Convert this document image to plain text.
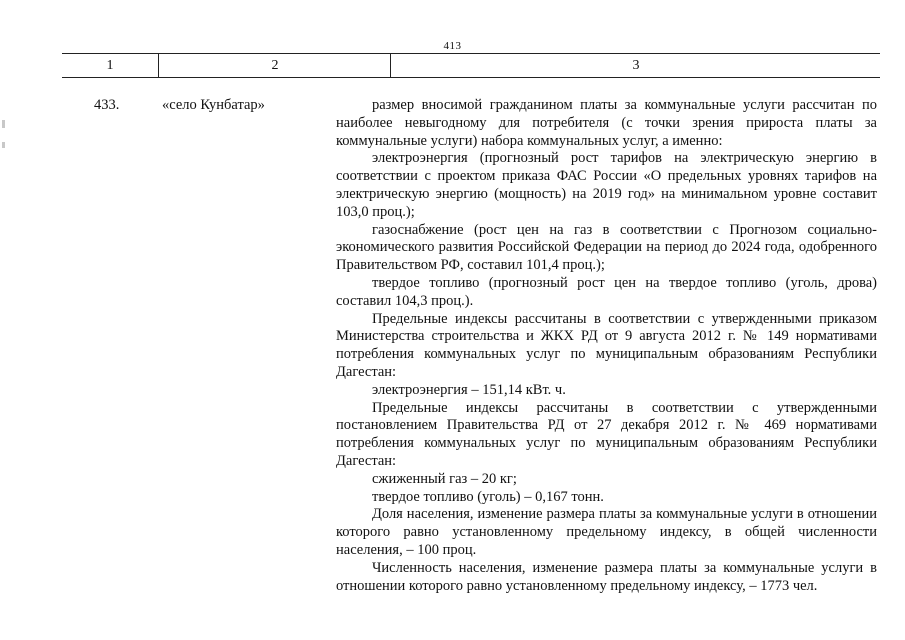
413
1	2	3
433.	«село Кунбатар»	размер вносимой гражданином платы за коммунальные услуги рассчитан по наиболее невыгодному для потребителя (с точки зрения прироста платы за коммунальные услуги) набора коммунальных услуг, а именно:

электроэнергия (прогнозный рост тарифов на электрическую энергию в соответствии с проектом приказа ФАС России «О предельных уровнях тарифов на электрическую энергию (мощность) на 2019 год» на минимальном уровне составит 103,0 проц.);

газоснабжение (рост цен на газ в соответствии с Прогнозом социально-экономического развития Российской Федерации на период до 2024 года, одобренного Правительством РФ, составил 101,4 проц.);

твердое топливо (прогнозный рост цен на твердое топливо (уголь, дрова) составил 104,3 проц.).

Предельные индексы рассчитаны в соответствии с утвержденными приказом Министерства строительства и ЖКХ РД от 9 августа 2012 г. № 149 нормативами потребления коммунальных услуг по муниципальным образованиям Республики Дагестан:

электроэнергия – 151,14 кВт. ч.

Предельные индексы рассчитаны в соответствии с утвержденными постановлением Правительства РД от 27 декабря 2012 г. № 469 нормативами потребления коммунальных услуг по муниципальным образованиям Республики Дагестан:

сжиженный газ – 20 кг;

твердое топливо (уголь) – 0,167 тонн.

Доля населения, изменение размера платы за коммунальные услуги в отношении которого равно установленному предельному индексу, в общей численности населения, – 100 проц.

Численность населения, изменение размера платы за коммунальные услуги в отношении которого равно установленному предельному индексу, – 1773 чел.
